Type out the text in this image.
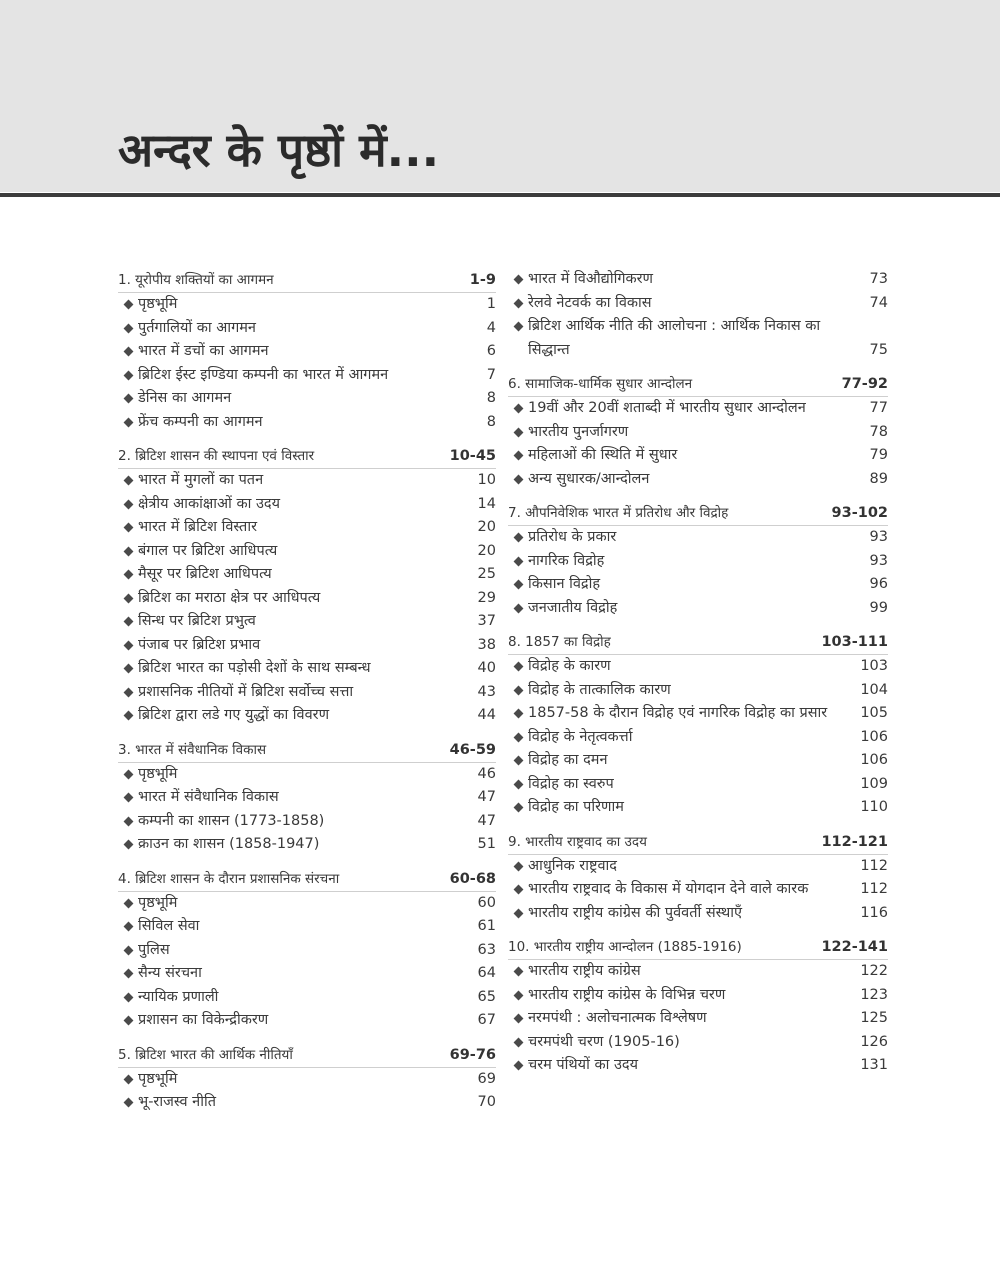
अन्दर के पृष्ठों में...
1. यूरोपीय शक्तियों का आगमन	1-9
पृष्ठभूमि	1
पुर्तगालियों का आगमन	4
भारत में डचों का आगमन	6
ब्रिटिश ईस्ट इण्डिया कम्पनी का भारत में आगमन	7
डेनिस का आगमन	8
फ्रेंच कम्पनी का आगमन	8
2. ब्रिटिश शासन की स्थापना एवं विस्तार	10-45
भारत में मुगलों का पतन	10
क्षेत्रीय आकांक्षाओं का उदय	14
भारत में ब्रिटिश विस्तार	20
बंगाल पर ब्रिटिश आधिपत्य	20
मैसूर पर ब्रिटिश आधिपत्य	25
ब्रिटिश का मराठा क्षेत्र पर आधिपत्य	29
सिन्ध पर ब्रिटिश प्रभुत्व	37
पंजाब पर ब्रिटिश प्रभाव	38
ब्रिटिश भारत का पड़ोसी देशों के साथ सम्बन्ध	40
प्रशासनिक नीतियों में ब्रिटिश सर्वोच्च सत्ता	43
ब्रिटिश द्वारा लडे गए युद्धों का विवरण	44
3. भारत में संवैधानिक विकास	46-59
पृष्ठभूमि	46
भारत में संवैधानिक विकास	47
कम्पनी का शासन (1773-1858)	47
क्राउन का शासन (1858-1947)	51
4. ब्रिटिश शासन के दौरान प्रशासनिक संरचना	60-68
पृष्ठभूमि	60
सिविल सेवा	61
पुलिस	63
सैन्य संरचना	64
न्यायिक प्रणाली	65
प्रशासन का विकेन्द्रीकरण	67
5. ब्रिटिश भारत की आर्थिक नीतियाँ	69-76
पृष्ठभूमि	69
भू-राजस्व नीति	70
भारत में वि‍औद्योगिकरण	73
रेलवे नेटवर्क का विकास	74
ब्रिटिश आर्थिक नीति की आलोचना : आर्थिक निकास का सिद्धान्त	75
6. सामाजिक-धार्मिक सुधार आन्दोलन	77-92
19वीं और 20वीं शताब्दी में भारतीय सुधार आन्दोलन	77
भारतीय पुनर्जागरण	78
महिलाओं की स्थिति में सुधार	79
अन्य सुधारक/आन्दोलन	89
7. औपनिवेशिक भारत में प्रतिरोध और विद्रोह	93-102
प्रतिरोध के प्रकार	93
नागरिक विद्रोह	93
किसान विद्रोह	96
जनजातीय विद्रोह	99
8. 1857 का विद्रोह	103-111
विद्रोह के कारण	103
विद्रोह के तात्कालिक कारण	104
1857-58 के दौरान विद्रोह एवं नागरिक विद्रोह का प्रसार	105
विद्रोह के नेतृत्वकर्त्ता	106
विद्रोह का दमन	106
विद्रोह का स्वरुप	109
विद्रोह का परिणाम	110
9. भारतीय राष्ट्रवाद का उदय	112-121
आधुनिक राष्ट्रवाद	112
भारतीय राष्ट्रवाद के विकास में योगदान देने वाले कारक	112
भारतीय राष्ट्रीय कांग्रेस की पुर्ववर्ती संस्थाएँ	116
10. भारतीय राष्ट्रीय आन्दोलन (1885-1916)	122-141
भारतीय राष्ट्रीय कांग्रेस	122
भारतीय राष्ट्रीय कांग्रेस के विभिन्न चरण	123
नरमपंथी : अलोचनात्मक विश्लेषण	125
चरमपंथी चरण (1905-16)	126
चरम पंथियों का उदय	131
